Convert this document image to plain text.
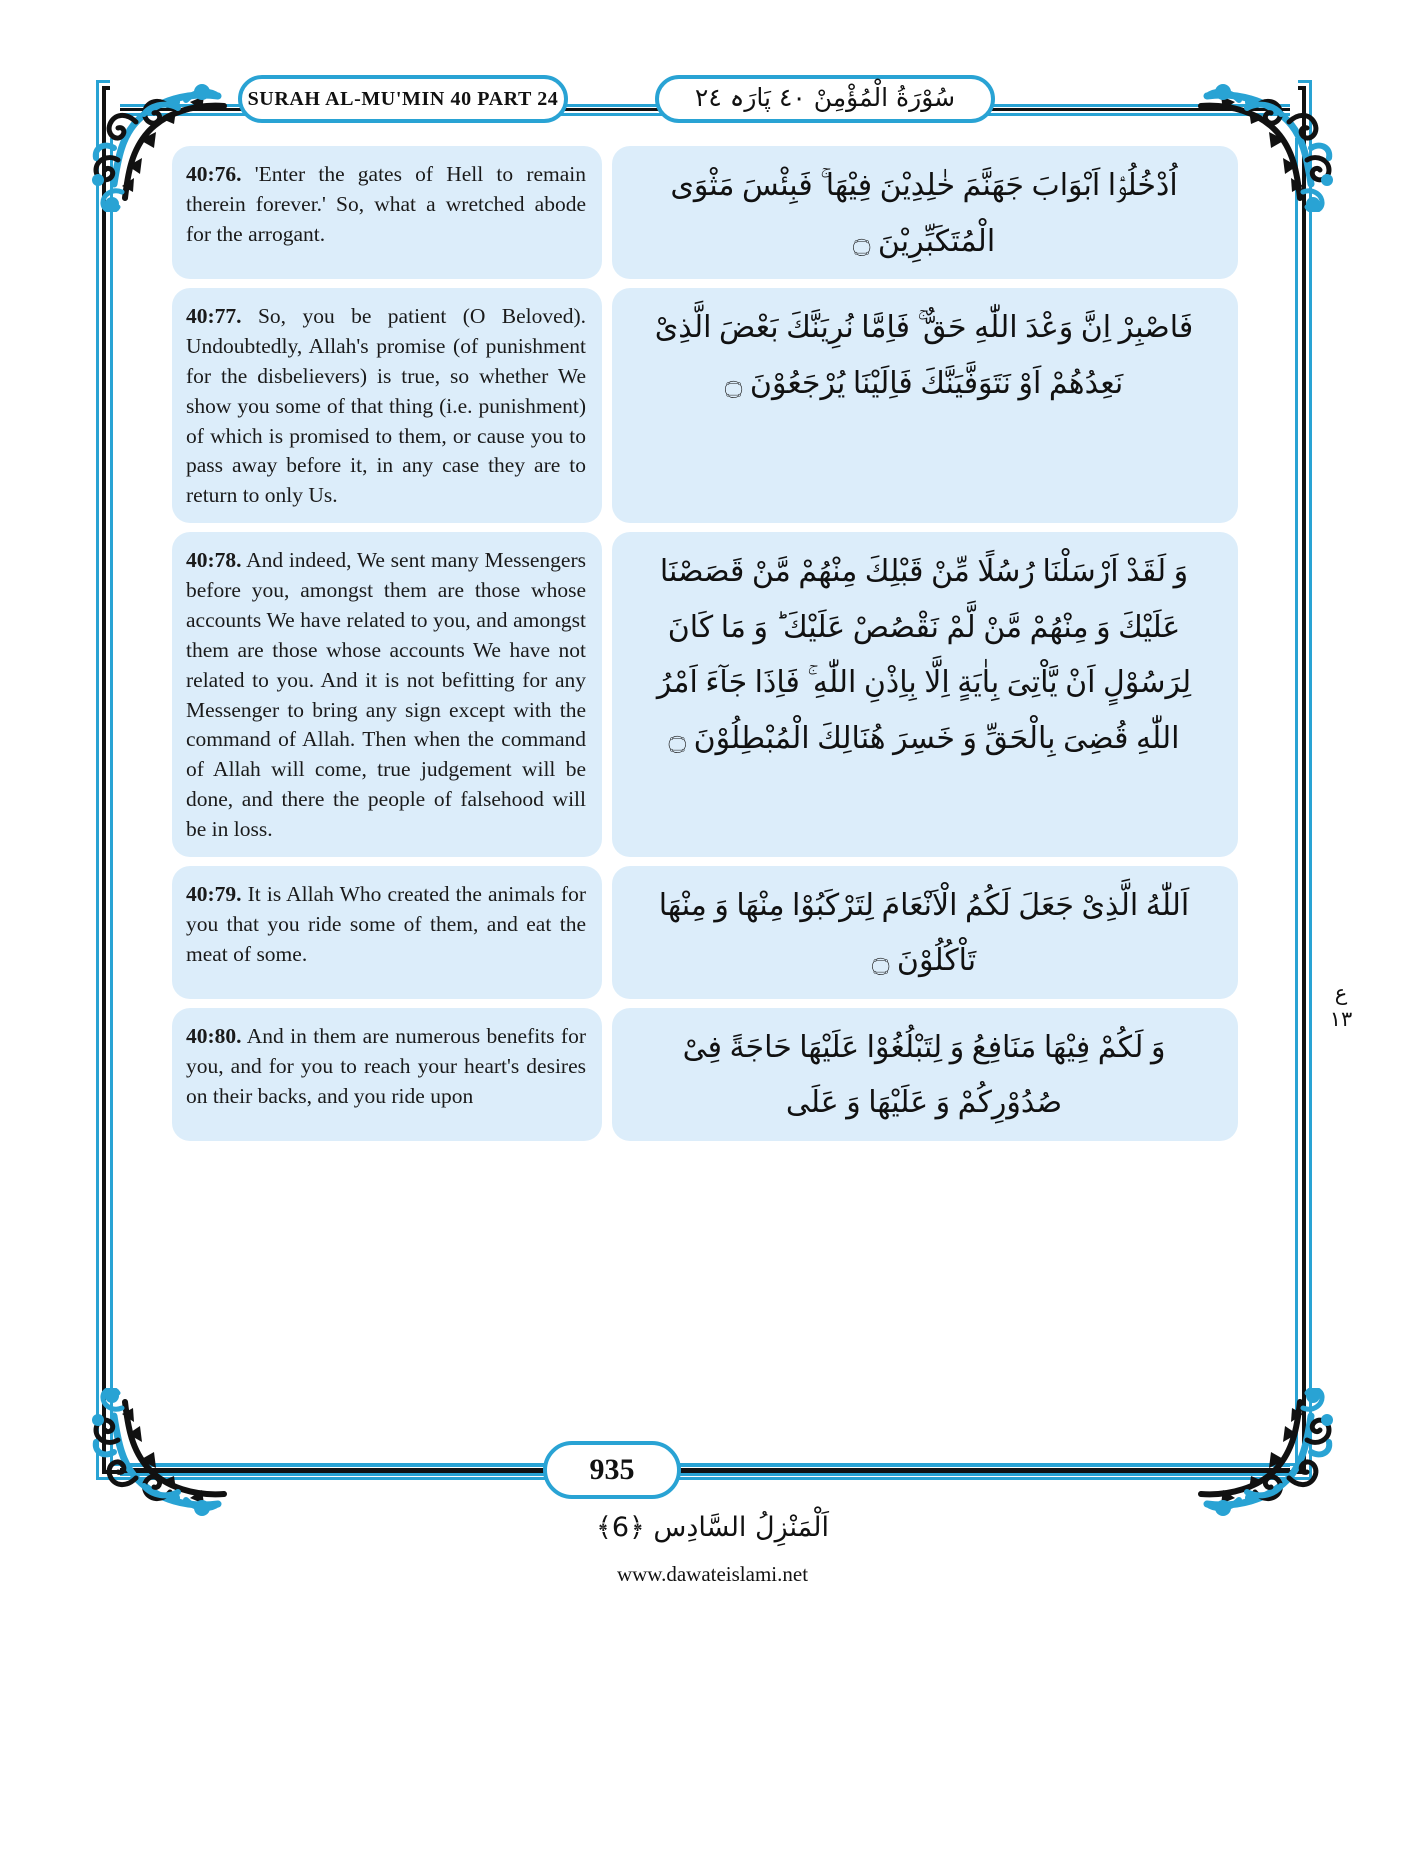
SURAH AL-MU'MIN 40 PART 24	سُوْرَةُ الْمُؤْمِنْ ٤٠ پَارَہ ٢٤
40:76. 'Enter the gates of Hell to remain therein forever.' So, what a wretched abode for the arrogant.
اُدْخُلُوْۤا اَبْوَابَ جَهَنَّمَ خٰلِدِیْنَ فِیْهَا ۚ فَبِئْسَ مَثْوَى الْمُتَكَبِّرِیْنَ ۝
40:77. So, you be patient (O Beloved). Undoubtedly, Allah's promise (of punishment for the disbelievers) is true, so whether We show you some of that thing (i.e. punishment) of which is promised to them, or cause you to pass away before it, in any case they are to return to only Us.
فَاصْبِرْ اِنَّ وَعْدَ اللّٰهِ حَقٌّ ۚ فَاِمَّا نُرِیَنَّكَ بَعْضَ الَّذِیْ نَعِدُهُمْ اَوْ نَتَوَفَّیَنَّكَ فَاِلَیْنَا یُرْجَعُوْنَ ۝
40:78. And indeed, We sent many Messengers before you, amongst them are those whose accounts We have related to you, and amongst them are those whose accounts We have not related to you. And it is not befitting for any Messenger to bring any sign except with the command of Allah. Then when the command of Allah will come, true judgement will be done, and there the people of falsehood will be in loss.
وَ لَقَدْ اَرْسَلْنَا رُسُلًا مِّنْ قَبْلِكَ مِنْهُمْ مَّنْ قَصَصْنَا عَلَیْكَ وَ مِنْهُمْ مَّنْ لَّمْ نَقْصُصْ عَلَیْكَ ؕ وَ مَا كَانَ لِرَسُوْلٍ اَنْ یَّاْتِیَ بِاٰیَةٍ اِلَّا بِاِذْنِ اللّٰهِ ۚ فَاِذَا جَآءَ اَمْرُ اللّٰهِ قُضِیَ بِالْحَقِّ وَ خَسِرَ هُنَالِكَ الْمُبْطِلُوْنَ ۝
40:79. It is Allah Who created the animals for you that you ride some of them, and eat the meat of some.
اَللّٰهُ الَّذِیْ جَعَلَ لَكُمُ الْاَنْعَامَ لِتَرْكَبُوْا مِنْهَا وَ مِنْهَا تَاْكُلُوْنَ ۝
40:80. And in them are numerous benefits for you, and for you to reach your heart's desires on their backs, and you ride upon
وَ لَكُمْ فِیْهَا مَنَافِعُ وَ لِتَبْلُغُوْا عَلَیْهَا حَاجَةً فِیْ صُدُوْرِكُمْ وَ عَلَیْهَا وَ عَلَى
ع
١٣
935
اَلْمَنْزِلُ السَّادِس ﴿6﴾
www.dawateislami.net
